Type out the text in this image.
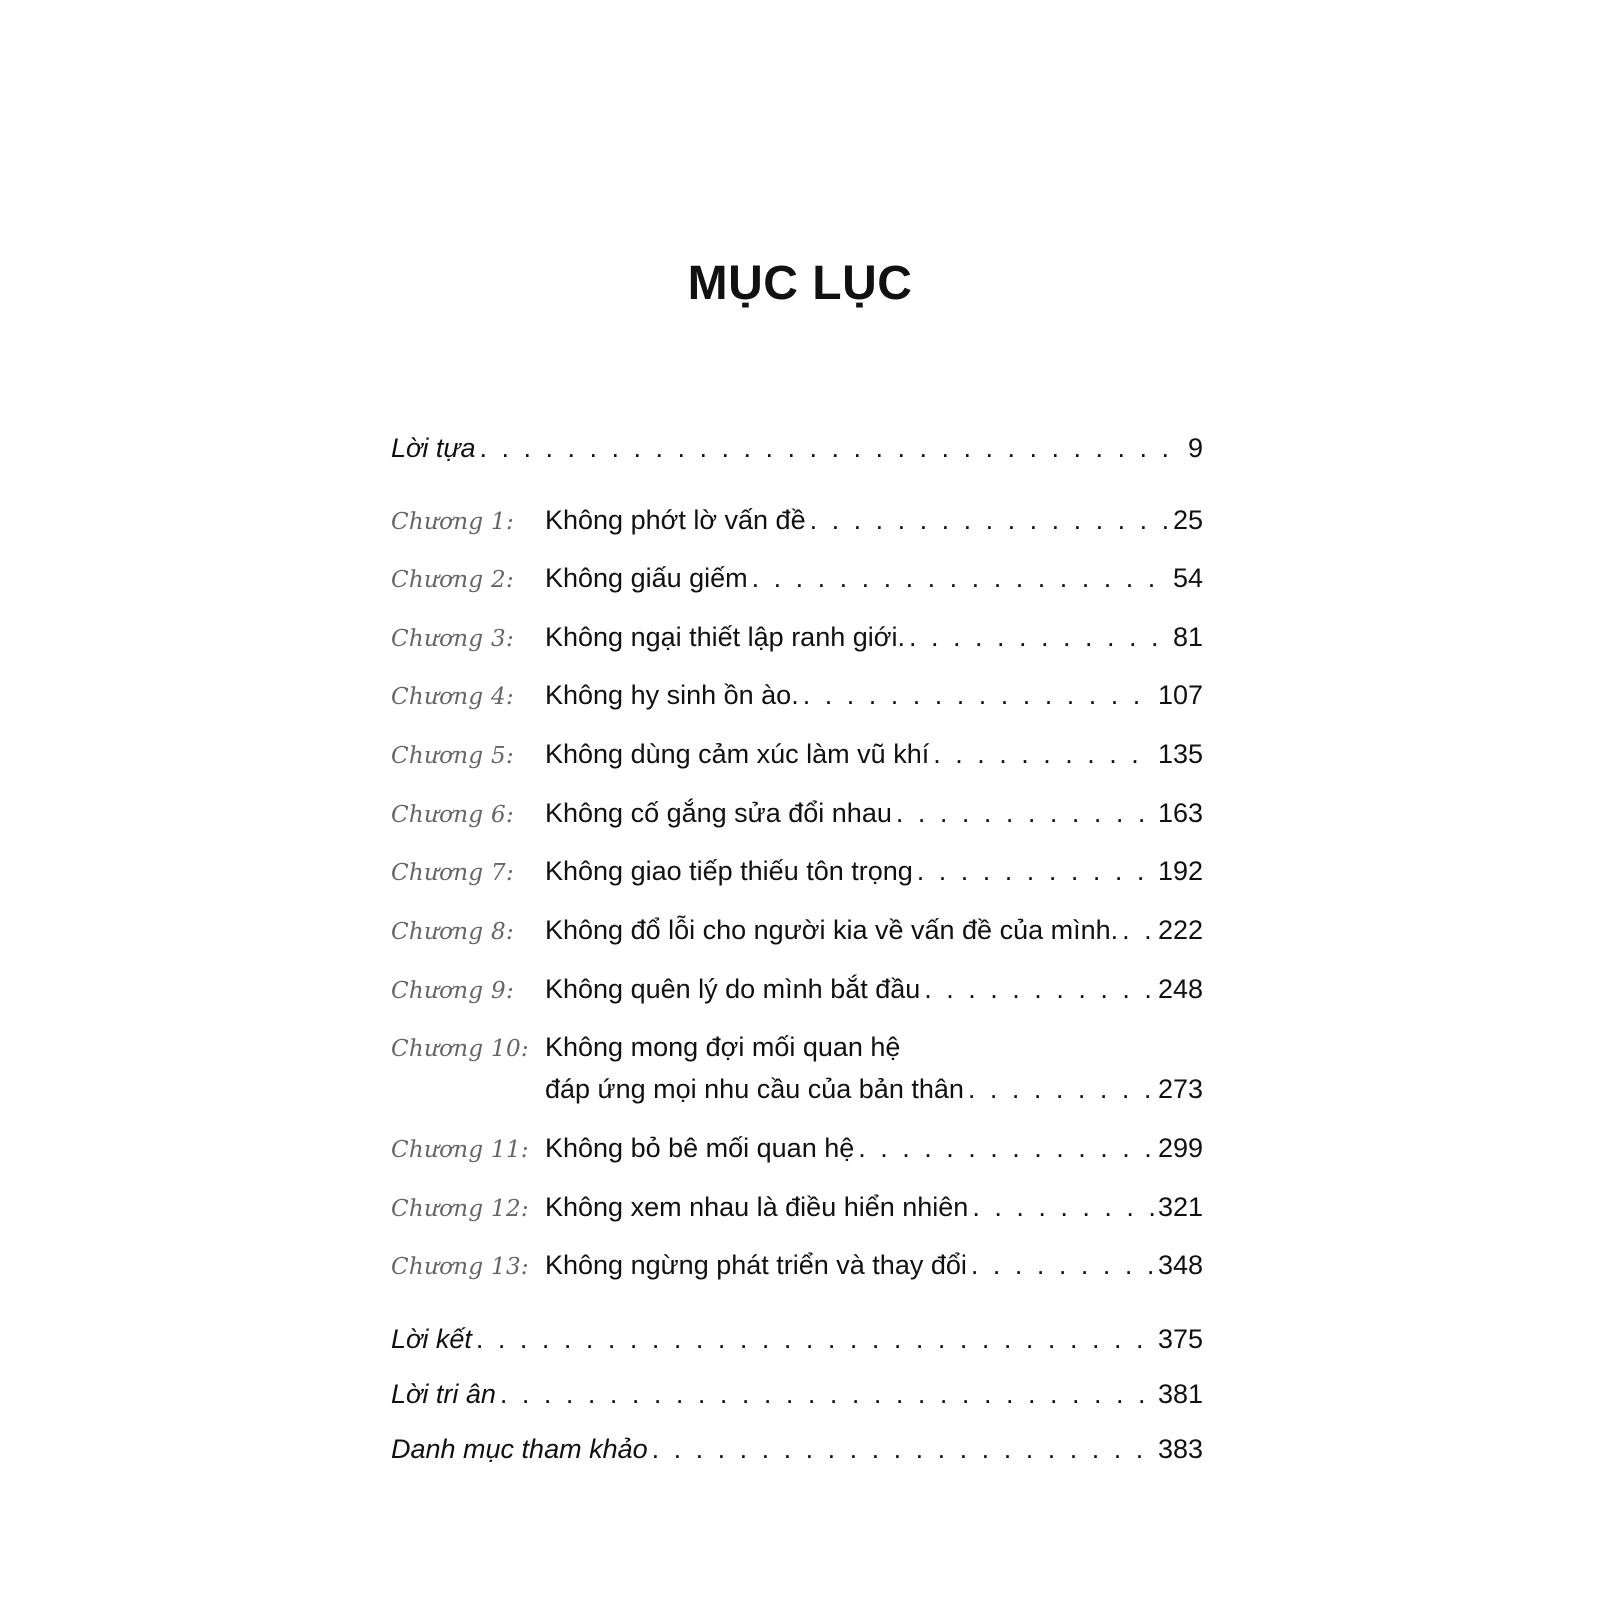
MỤC LỤC
Lời tựa . . .	9
Chương 1:	Không phớt lờ vấn đề . . .	25
Chương 2:	Không giấu giếm . . .	54
Chương 3:	Không ngại thiết lập ranh giới. . . .	81
Chương 4:	Không hy sinh ồn ào. . . .	107
Chương 5:	Không dùng cảm xúc làm vũ khí . . .	135
Chương 6:	Không cố gắng sửa đổi nhau . . .	163
Chương 7:	Không giao tiếp thiếu tôn trọng . . .	192
Chương 8:	Không đổ lỗi cho người kia về vấn đề của mình. . . . 222
Chương 9:	Không quên lý do mình bắt đầu . . .	248
Chương 10: Không mong đợi mối quan hệ
đáp ứng mọi nhu cầu của bản thân . . .	273
Chương 11: Không bỏ bê mối quan hệ . . .	299
Chương 12: Không xem nhau là điều hiển nhiên . . .	321
Chương 13: Không ngừng phát triển và thay đổi . . .	348
Lời kết . . .	375
Lời tri ân . . .	381
Danh mục tham khảo . . .	383
